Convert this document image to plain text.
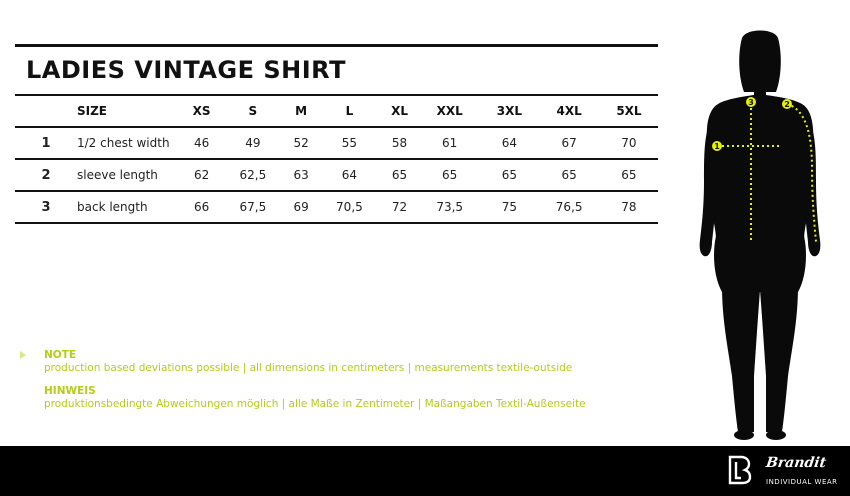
LADIES VINTAGE SHIRT
	SIZE	XS	S	M	L	XL	XXL	3XL	4XL	5XL
1	1/2 chest width	46	49	52	55	58	61	64	67	70
2	sleeve length	62	62,5	63	64	65	65	65	65	65
3	back length	66	67,5	69	70,5	72	73,5	75	76,5	78
NOTE
production based deviations possible | all dimensions in centimeters | measurements textile-outside
HINWEIS
produktionsbedingte Abweichungen möglich | alle Maße in Zentimeter | Maßangaben Textil-Außenseite
1
2
3
Brandit
INDIVIDUAL WEAR
